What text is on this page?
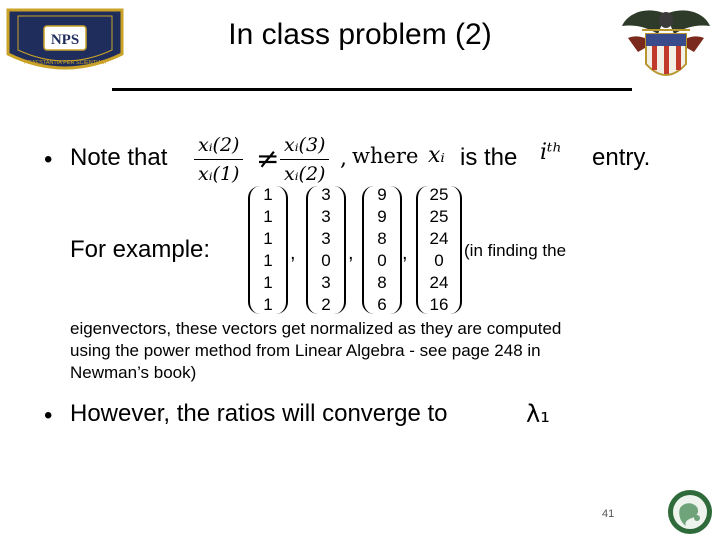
NPS
PRAESTANTIA PER SCIENTIAM
In class problem (2)
• Note that $\frac{\text{xᵢ(2)}}{\text{xᵢ(1)}} \ne \frac{\text{xᵢ(3)}}{\text{xᵢ(2)}}$ , where xᵢ is the iᵗʰ entry.
For example:
1
1
1
1
1
1
,
3
3
3
0
3
2
,
9
9
8
0
8
6
,
25
25
24
0
24
16
(in finding the
eigenvectors, these vectors get normalized as they are computed
using the power method from Linear Algebra - see page 248 in
Newman’s book)
• However, the ratios will converge to	λ₁
41
